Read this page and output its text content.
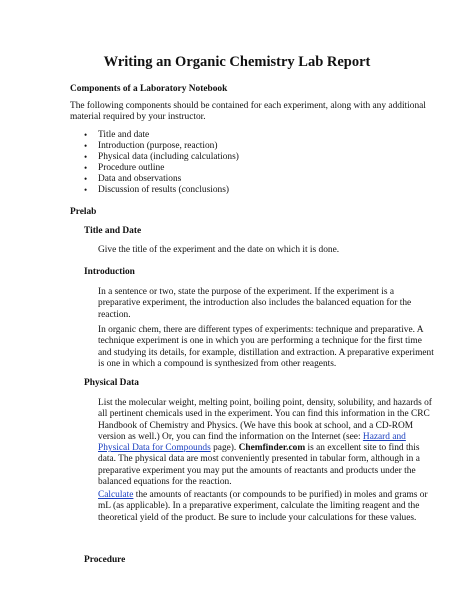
Writing an Organic Chemistry Lab Report
Components of a Laboratory Notebook
The following components should be contained for each experiment, along with any additional
material required by your instructor.
• Title and date
• Introduction (purpose, reaction)
• Physical data (including calculations)
• Procedure outline
• Data and observations
• Discussion of results (conclusions)
Prelab
Title and Date
Give the title of the experiment and the date on which it is done.
Introduction
In a sentence or two, state the purpose of the experiment. If the experiment is a
preparative experiment, the introduction also includes the balanced equation for the
reaction.
In organic chem, there are different types of experiments: technique and preparative. A
technique experiment is one in which you are performing a technique for the first time
and studying its details, for example, distillation and extraction. A preparative experiment
is one in which a compound is synthesized from other reagents.
Physical Data
List the molecular weight, melting point, boiling point, density, solubility, and hazards of
all pertinent chemicals used in the experiment. You can find this information in the CRC
Handbook of Chemistry and Physics. (We have this book at school, and a CD-ROM
version as well.) Or, you can find the information on the Internet (see: Hazard and
Physical Data for Compounds page). Chemfinder.com is an excellent site to find this
data. The physical data are most conveniently presented in tabular form, although in a
preparative experiment you may put the amounts of reactants and products under the
balanced equations for the reaction.
Calculate the amounts of reactants (or compounds to be purified) in moles and grams or
mL (as applicable). In a preparative experiment, calculate the limiting reagent and the
theoretical yield of the product. Be sure to include your calculations for these values.
Procedure
